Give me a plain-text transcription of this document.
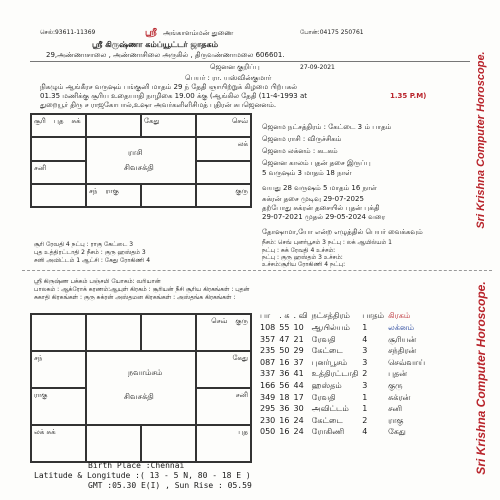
செல்:93611-11369	ஸ்ரீ அங்காளம்மன் துணை	போன்:04175 250761
ஸ்ரீ கிருஷ்ணா கம்ப்யூட்டர் ஜாதகம்
29,அண்ணாசாலை , அண்ணாசிலை அருகில் , திருவண்ணாமலை 606601.
ஜெனன குறிப்பு	27-09-2021
பெயர் : ரா. யஸ்வின்குமார்
நிகழும் ஆங்கீரச வருஷம் பங்குனி மாதம் 29 ந் தேதி ஞாயிற்றுக் கிழமை பிற்பகல்
01.35 மணிக்கு சூரிய உதையாதி நாழிகை 19.00 க்கு (ஆங்கில தேதி (11-4-1993 at	1.35 P.M)
துறையூர் திரு ச ராஜகோபால்,உஷா அவர்களிளிசிமத் புதிரன் சுபஜெனனம்.
சூரி புத சுக்	கேது	செவ்
ராசி
சிவசக்தி
லக்
சனி
சந் ராகு	குரு
ஜெனம நட்சத்திரம் : கேட்டை 3 ம் பாதம்
ஜெனம ராசி : விருச்சிகம்
ஜெனம லக்னம் : கடகம்
ஜெனன காலம் புதன் தசை இருப்பு
5 வருஷம் 3 மாதம் 18 நாள்
வயது 28 வருஷம் 5 மாதம் 16 நாள்
சுக்ரன் தசை முடிவு 29-07-2025
தற்போது சுக்ரன் தசையில் புதன் புக்தி
29-07-2021 முதல் 29-05-2024 வரை
தோஷாமா,யோ என்ற எழுத்தில் பெயர் வைக்கவும்
நீசம்: செவ் புனர்பூசம் 3 நட்பு : லக் ஆயில்யம் 1
நட்பு : சுக் ரேவதி 4 உச்சம்:
நட்பு : குரு ஹஸ்தம் 3 உச்சம்:
உச்சம்:சூரிய ரோகிணி 4 நட்பு:
சூரி ரேவதி 4 நட்பு : ராகு கேட்டை 3
புத உத்திரட்டாதி 2 நீசம் : குரு ஹஸ்தம் 3
சனி அவிட்டம் 1 ஆட்சி : கேது ரோகிணி 4
ஸ்ரீ கிருஷ்ண பக்கம் பஞ்சமி யோகம்: வரியான்
பாலகம் : ஆக்ரோக் கரணம்: ஆயுள் கிரகம் : சூரியன் நீசி சூரிய கிரகங்கள் : புதன்
சுகாதி கிரகங்கள் : குரு சுக்ரன் அஸ்தமன கிரகங்கள் : அஸ்தங்க கிரகங்கள் :
செவ் குரு
சந்
நவாம்சம்
சிவசக்தி
கேது
ராகு	சனி
லக் சுக்	புத
பா	. க	. வி	நட்சத்திரம்	பாதம்	கிரகம்
108	55	10	ஆயில்யம்	1	லக்னம்
357	47	21	ரேவதி	4	சூரியன்
235	50	29	கேட்டை	3	சந்திரன்
087	16	37	புனர்பூசம்	3	செவ்வாய்
337	36	41	உத்திரட்டாதி	2	புதன்
166	56	44	ஹஸ்தம்	3	குரு
349	18	17	ரேவதி	1	சுக்ரன்
295	36	30	அவிட்டம்	1	சனி
230	16	24	கேட்டை	2	ராகு
050	16	24	ரோகிணி	4	கேது
Birth Place :Chennai
Latitude & Longitude :( 13 - 5 N, 80 - 18 E )
GMT :05.30 E(I) , Sun Rise : 05.59
Sri Krishna Computer Horoscope.
Sri Krishna Computer Horoscope.
